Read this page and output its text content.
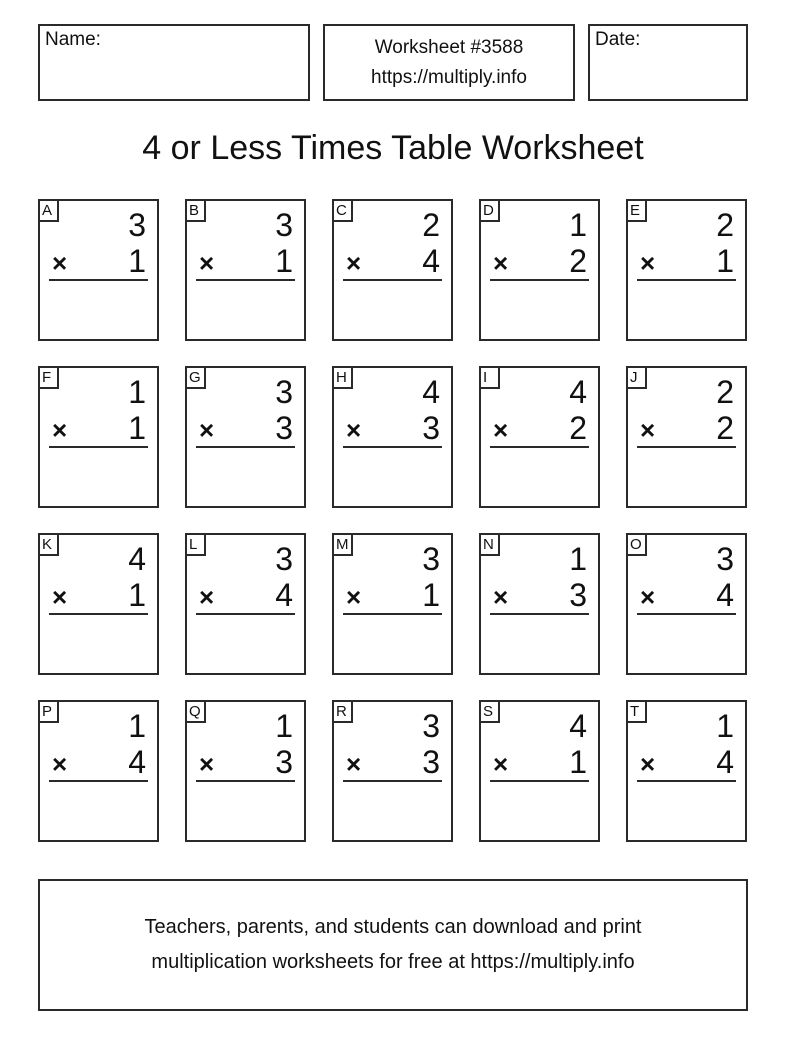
Name:	Worksheet #3588
https://multiply.info
Date:
4 or Less Times Table Worksheet
A 3
× 1
B 3
× 1
C 2
× 4
D 1
× 2
E 2
× 1
F 1
× 1
G 3
× 3
H 4
× 3
I	4
× 2
J 2
× 2
K 4
× 1
L 3
× 4
M 3
× 1
N 1
× 3
O 3
× 4
P 1
× 4
Q 1
× 3
R 3
× 3
S 4
× 1
T 1
× 4
Teachers, parents, and students can download and print
multiplication worksheets for free at https://multiply.info
